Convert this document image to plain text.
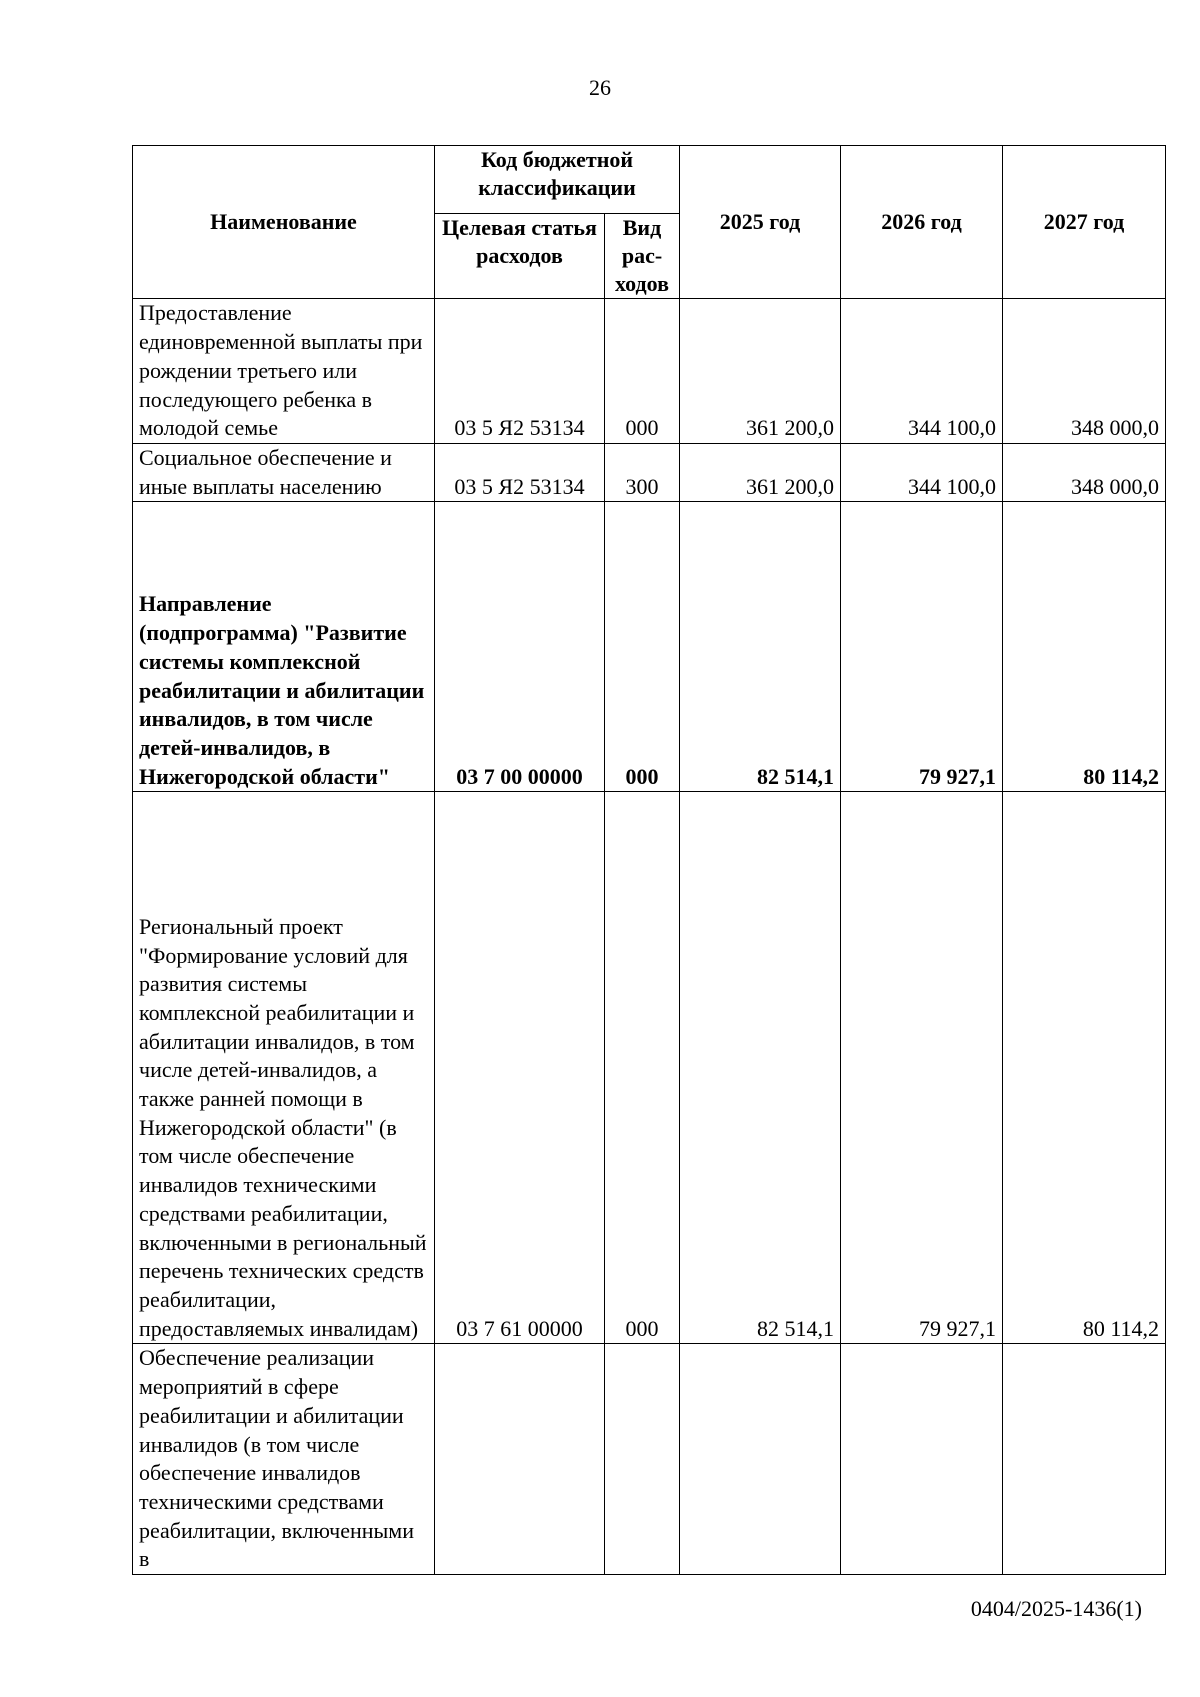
26
Наименование	Код бюджетной классификации		2025 год	2026 год	2027 год
	Целевая статья расходов	Вид рас-ходов			
Предоставление единовременной выплаты при рождении третьего или последующего ребенка в молодой семье	03 5 Я2 53134	000	361 200,0	344 100,0	348 000,0
Социальное обеспечение и иные выплаты населению	03 5 Я2 53134	300	361 200,0	344 100,0	348 000,0
Направление (подпрограмма) "Развитие системы комплексной реабилитации и абилитации инвалидов, в том числе детей-инвалидов, в Нижегородской области"	03 7 00 00000	000	82 514,1	79 927,1	80 114,2
Региональный проект "Формирование условий для развития системы комплексной реабилитации и абилитации инвалидов, в том числе детей-инвалидов, а также ранней помощи в Нижегородской области" (в том числе обеспечение инвалидов техническими средствами реабилитации, включенными в региональный перечень технических средств реабилитации, предоставляемых инвалидам)	03 7 61 00000	000	82 514,1	79 927,1	80 114,2
Обеспечение реализации мероприятий в сфере реабилитации и абилитации инвалидов (в том числе обеспечение инвалидов техническими средствами реабилитации, включенными в					
0404/2025-1436(1)
